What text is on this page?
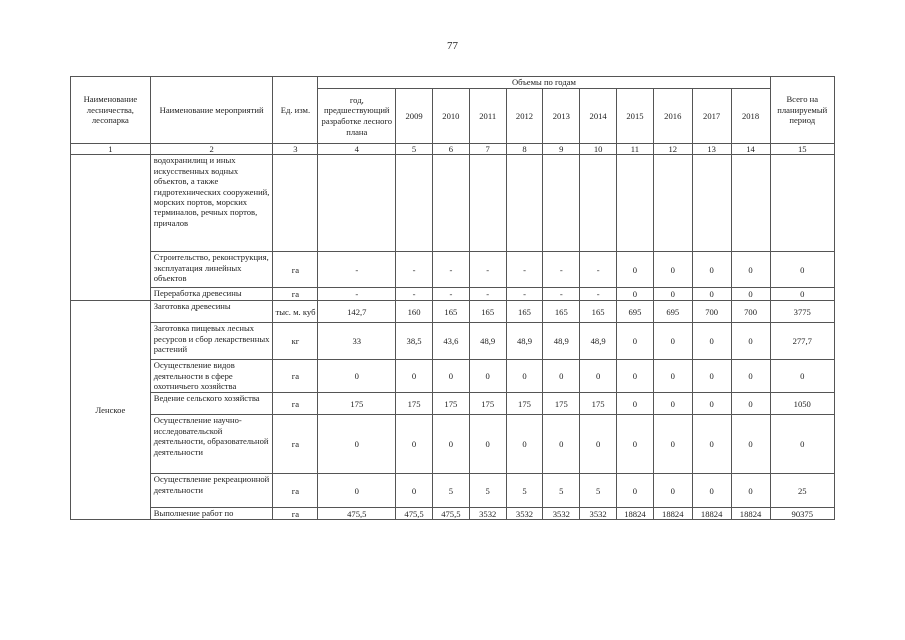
77
Наименование лесничества, лесопарка	Наименование мероприятий	Ед. изм.	Объемы по годам											Всего на планируемый период
			год, предшествующий разработке лесного плана	2009	2010	2011	2012	2013	2014	2015	2016	2017	2018	
1	2	3	4	5	6	7	8	9	10	11	12	13	14	15
	водохранилищ и иных искусственных водных объектов, а также гидротехнических сооружений, морских портов, морских терминалов, речных портов, причалов													
	Строительство, реконструкция, эксплуатация линейных объектов	га	-	-	-	-	-	-	-	0	0	0	0	0
	Переработка древесины	га	-	-	-	-	-	-	-	0	0	0	0	0
Ленское	Заготовка древесины	тыс. м. куб	142,7	160	165	165	165	165	165	695	695	700	700	3775
	Заготовка пищевых лесных ресурсов и сбор лекарственных растений	кг	33	38,5	43,6	48,9	48,9	48,9	48,9	0	0	0	0	277,7
	Осуществление видов деятельности в сфере охотничьего хозяйства	га	0	0	0	0	0	0	0	0	0	0	0	0
	Ведение сельского хозяйства	га	175	175	175	175	175	175	175	0	0	0	0	1050
	Осуществление научно-исследовательской деятельности, образовательной деятельности	га	0	0	0	0	0	0	0	0	0	0	0	0
	Осуществление рекреационной деятельности	га	0	0	5	5	5	5	5	0	0	0	0	25
	Выполнение работ по	га	475,5	475,5	475,5	3532	3532	3532	3532	18824	18824	18824	18824	90375
